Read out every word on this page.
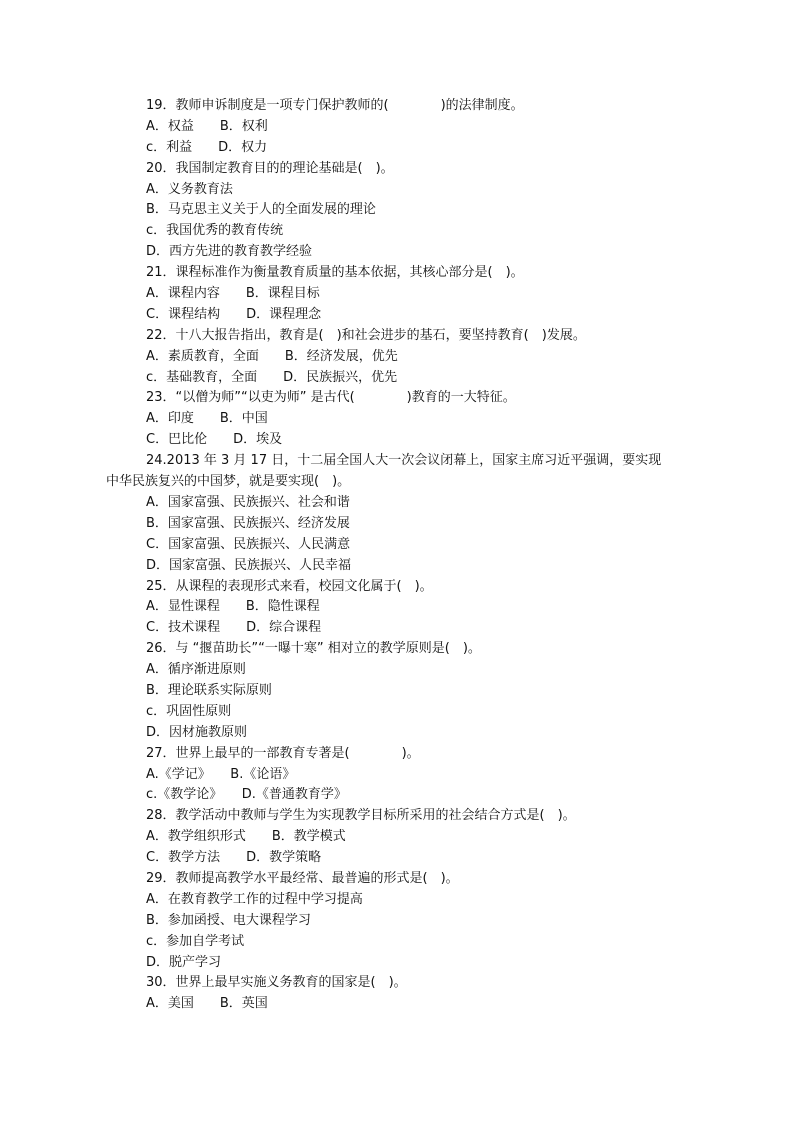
19．教师申诉制度是一项专门保护教师的(　　　　)的法律制度。
A．权益　　B．权利
c．利益　　D．权力
20．我国制定教育目的的理论基础是(　)。
A．义务教育法
B．马克思主义关于人的全面发展的理论
c．我国优秀的教育传统
D．西方先进的教育教学经验
21．课程标准作为衡量教育质量的基本依据，其核心部分是(　)。
A．课程内容　　B．课程目标
C．课程结构　　D．课程理念
22．十八大报告指出，教育是(　)和社会进步的基石，要坚持教育(　)发展。
A．素质教育，全面　　B．经济发展，优先
c．基础教育，全面　　D．民族振兴，优先
23．“以僧为师”“以吏为师” 是古代(　　　　)教育的一大特征。
A．印度　　B．中国
C．巴比伦　　D．埃及
24.2013 年 3 月 17 日，十二届全国人大一次会议闭幕上，国家主席习近平强调，要实现中华民族复兴的中国梦，就是要实现(　)。
A．国家富强、民族振兴、社会和谐
B．国家富强、民族振兴、经济发展
C．国家富强、民族振兴、人民满意
D．国家富强、民族振兴、人民幸福
25．从课程的表现形式来看，校园文化属于(　)。
A．显性课程　　B．隐性课程
C．技术课程　　D．综合课程
26．与 “揠苗助长”“一曝十寒” 相对立的教学原则是(　)。
A．循序渐进原则
B．理论联系实际原则
c．巩固性原则
D．因材施教原则
27．世界上最早的一部教育专著是(　　　　)。
A.《学记》　　B.《论语》
c.《教学论》　　D.《普通教育学》
28．教学活动中教师与学生为实现教学目标所采用的社会结合方式是(　)。
A．教学组织形式　　B．教学模式
C．教学方法　　D．教学策略
29．教师提高教学水平最经常、最普遍的形式是(　)。
A．在教育教学工作的过程中学习提高
B．参加函授、电大课程学习
c．参加自学考试
D．脱产学习
30．世界上最早实施义务教育的国家是(　)。
A．美国　　B．英国
